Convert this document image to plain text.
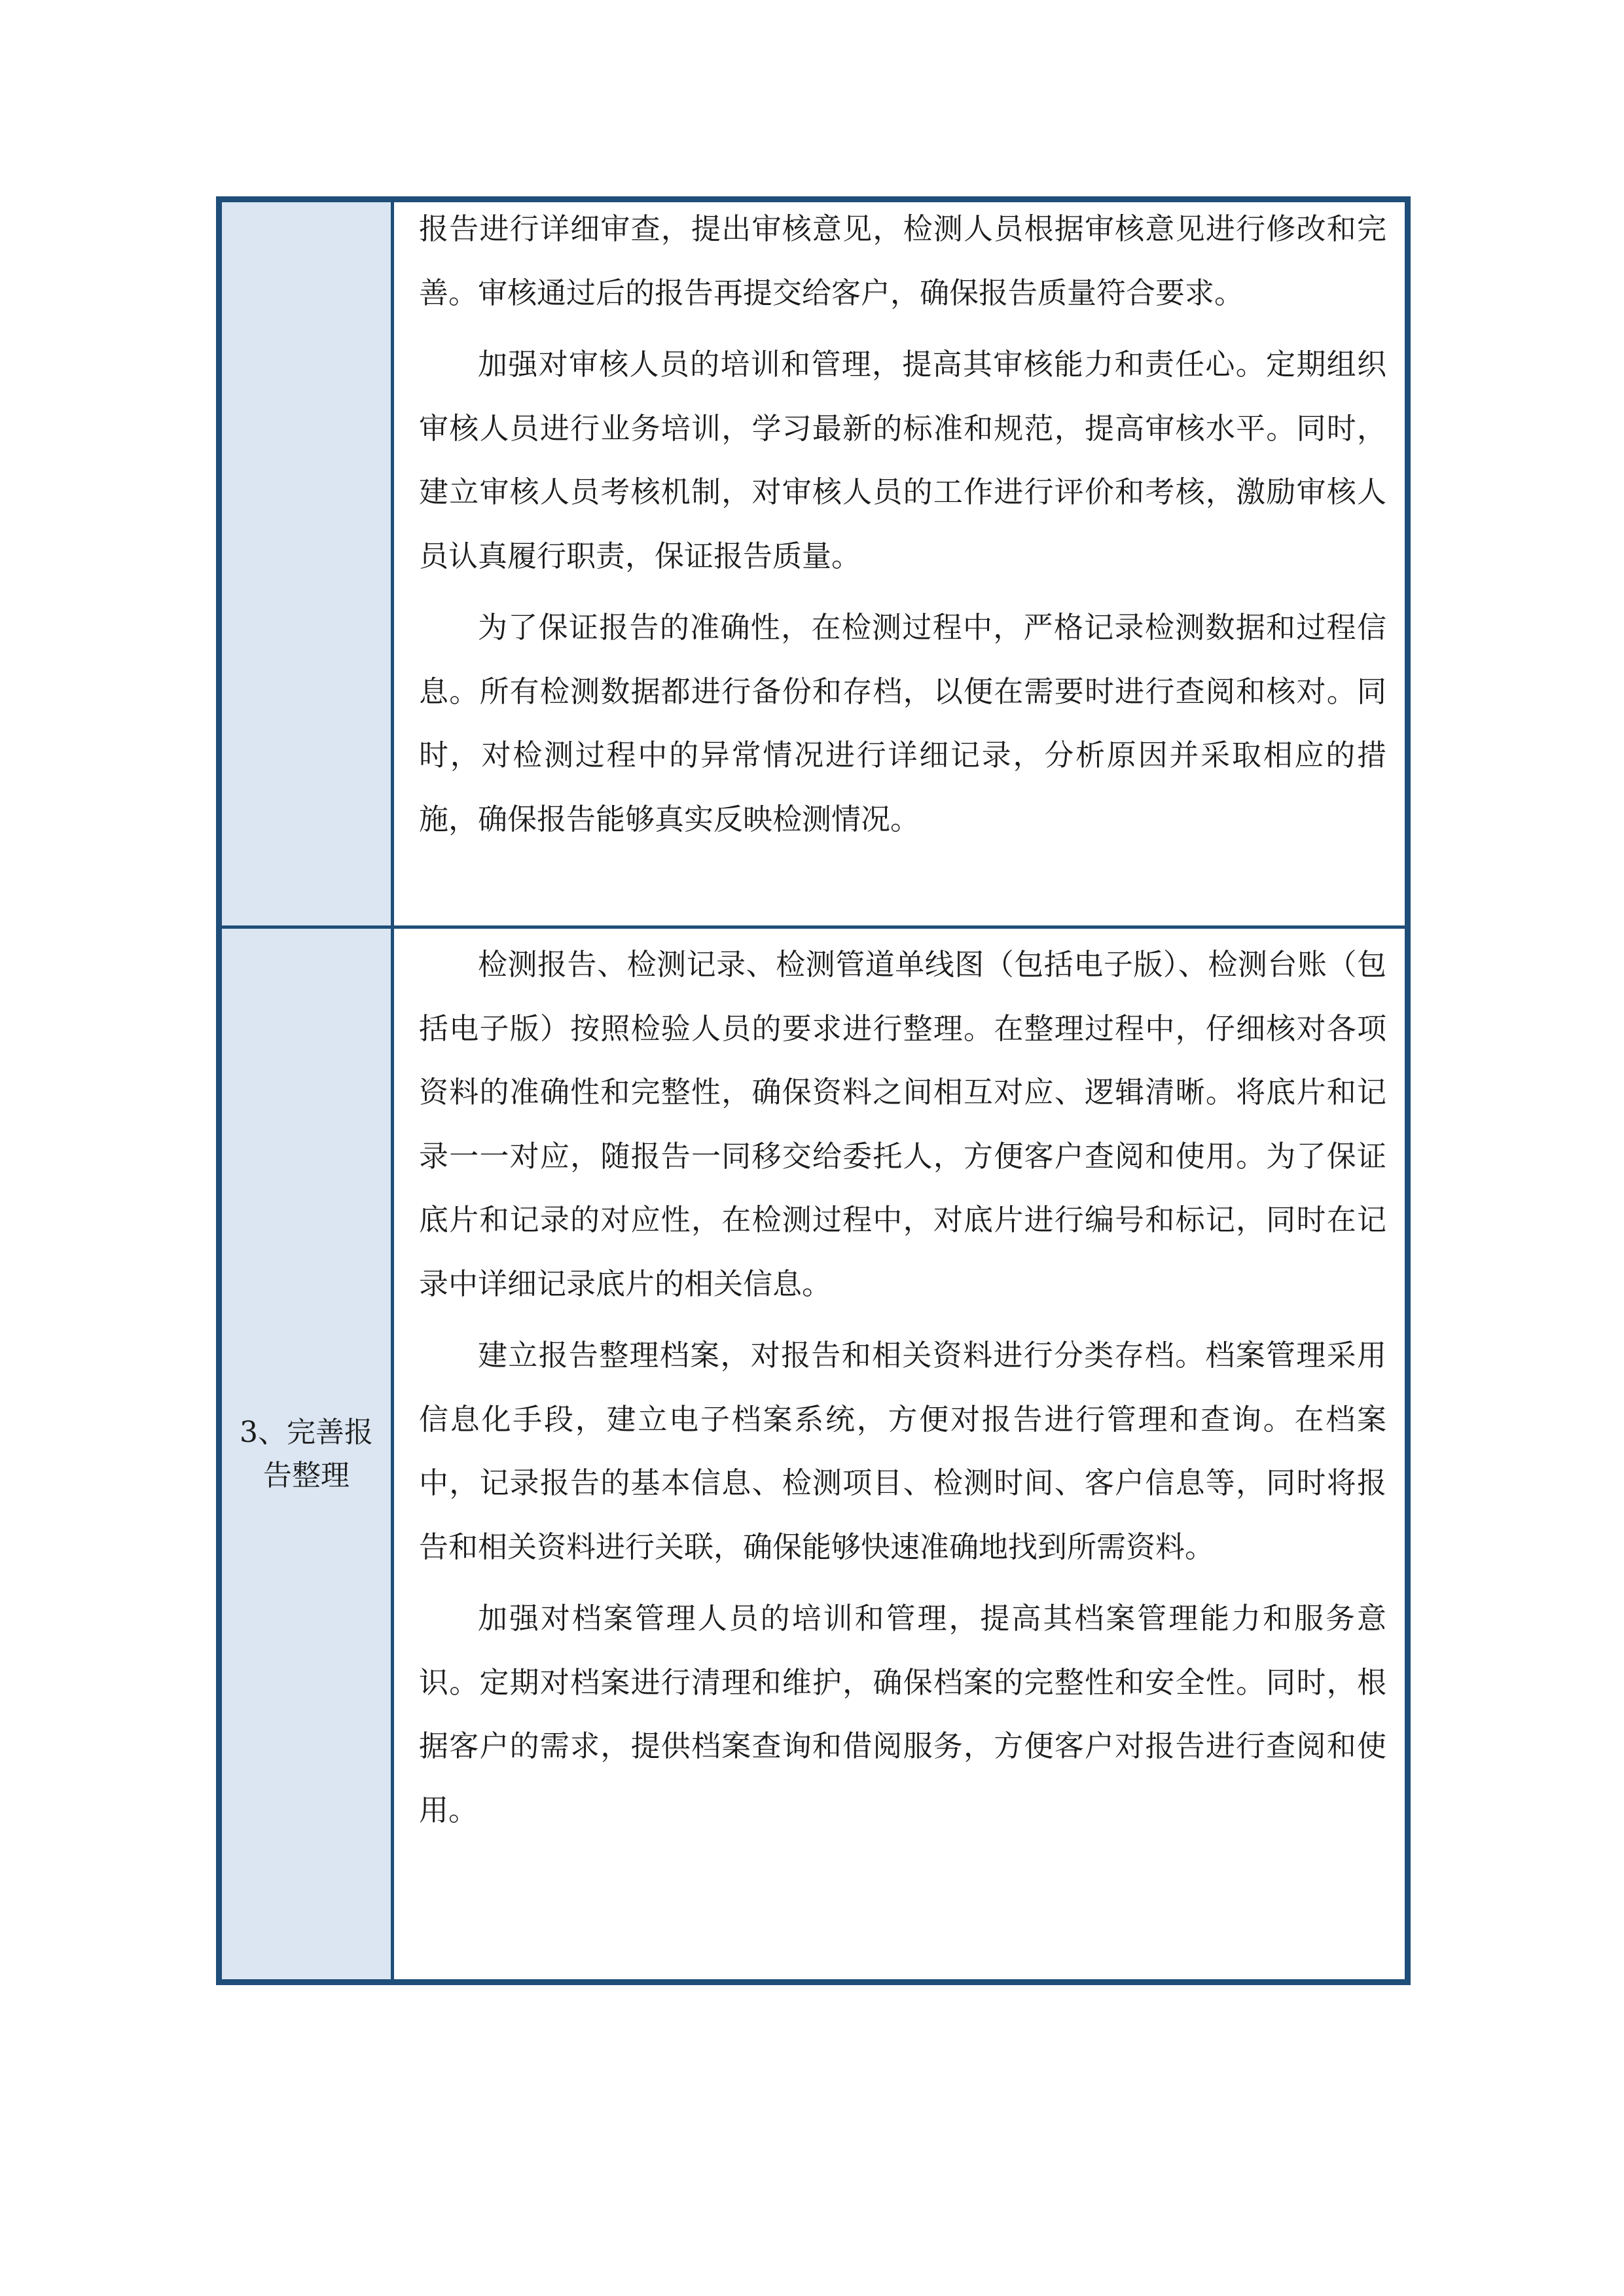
	报告进行详细审查，提出审核意见，检测人员根据审核意见进行修改和完善。审核通过后的报告再提交给客户，确保报告质量符合要求。

加强对审核人员的培训和管理，提高其审核能力和责任心。定期组织审核人员进行业务培训，学习最新的标准和规范，提高审核水平。同时，建立审核人员考核机制，对审核人员的工作进行评价和考核，激励审核人员认真履行职责，保证报告质量。

为了保证报告的准确性，在检测过程中，严格记录检测数据和过程信息。所有检测数据都进行备份和存档，以便在需要时进行查阅和核对。同时，对检测过程中的异常情况进行详细记录，分析原因并采取相应的措施，确保报告能够真实反映检测情况。

3、完善报告整理	检测报告、检测记录、检测管道单线图（包括电子版）、检测台账（包括电子版）按照检验人员的要求进行整理。在整理过程中，仔细核对各项资料的准确性和完整性，确保资料之间相互对应、逻辑清晰。将底片和记录一一对应，随报告一同移交给委托人，方便客户查阅和使用。为了保证底片和记录的对应性，在检测过程中，对底片进行编号和标记，同时在记录中详细记录底片的相关信息。

建立报告整理档案，对报告和相关资料进行分类存档。档案管理采用信息化手段，建立电子档案系统，方便对报告进行管理和查询。在档案中，记录报告的基本信息、检测项目、检测时间、客户信息等，同时将报告和相关资料进行关联，确保能够快速准确地找到所需资料。

加强对档案管理人员的培训和管理，提高其档案管理能力和服务意识。定期对档案进行清理和维护，确保档案的完整性和安全性。同时，根据客户的需求，提供档案查询和借阅服务，方便客户对报告进行查阅和使用。
